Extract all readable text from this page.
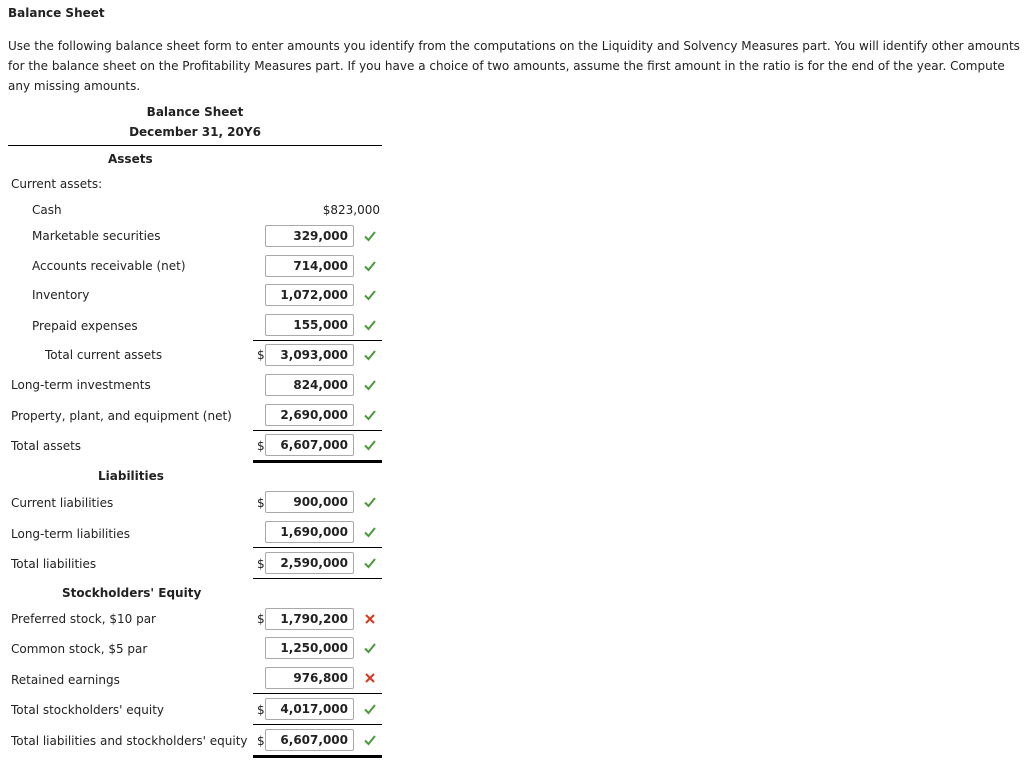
Balance Sheet
Use the following balance sheet form to enter amounts you identify from the computations on the Liquidity and Solvency Measures part. You will identify other amounts for the balance sheet on the Profitability Measures part. If you have a choice of two amounts, assume the first amount in the ratio is for the end of the year. Compute any missing amounts.
Balance Sheet
December 31, 20Y6
Assets
Current assets:
Cash	$823,000
Marketable securities	329,000
Accounts receivable (net)	714,000
Inventory	1,072,000
Prepaid expenses	155,000
Total current assets	$	3,093,000
Long-term investments	824,000
Property, plant, and equipment (net)	2,690,000
Total assets	$	6,607,000
Liabilities
Current liabilities	$	900,000
Long-term liabilities	1,690,000
Total liabilities	$	2,590,000
Stockholders' Equity
Preferred stock, $10 par	$	1,790,200
Common stock, $5 par	1,250,000
Retained earnings	976,800
Total stockholders' equity	$	4,017,000
Total liabilities and stockholders' equity $	6,607,000
